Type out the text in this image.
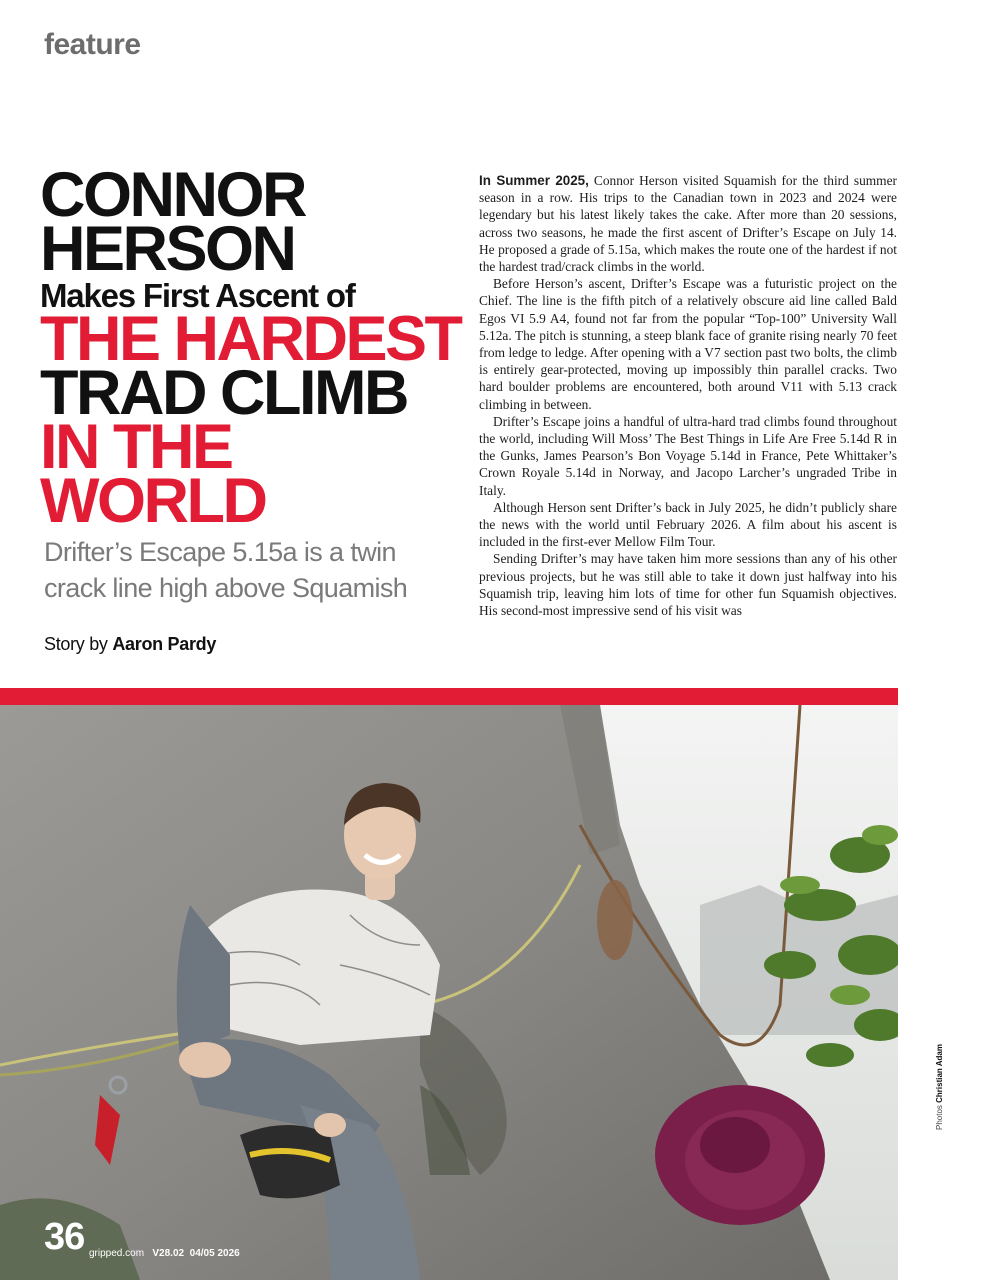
feature
CONNOR
HERSON
Makes First Ascent of
THE HARDEST
TRAD CLIMB
IN THE
WORLD
Drifter’s Escape 5.15a is a twin crack line high above Squamish
Story by Aaron Pardy

In Summer 2025, Connor Herson visited Squamish for the third summer season in a row. His trips to the Canadian town in 2023 and 2024 were legendary but his latest likely takes the cake. After more than 20 sessions, across two seasons, he made the first ascent of Drifter’s Escape on July 14. He proposed a grade of 5.15a, which makes the route one of the hardest if not the hardest trad/crack climbs in the world.

Before Herson’s ascent, Drifter’s Escape was a futuristic project on the Chief. The line is the fifth pitch of a relatively obscure aid line called Bald Egos VI 5.9 A4, found not far from the popular “Top-100” University Wall 5.12a. The pitch is stunning, a steep blank face of granite rising nearly 70 feet from ledge to ledge. After opening with a V7 section past two bolts, the climb is entirely gear-protected, moving up impossibly thin parallel cracks. Two hard boulder problems are encountered, both around V11 with 5.13 crack climbing in between.

Drifter’s Escape joins a handful of ultra-hard trad climbs found throughout the world, including Will Moss’ The Best Things in Life Are Free 5.14d R in the Gunks, James Pearson’s Bon Voyage 5.14d in France, Pete Whittaker’s Crown Royale 5.14d in Norway, and Jacopo Larcher’s ungraded Tribe in Italy.

Although Herson sent Drifter’s back in July 2025, he didn’t publicly share the news with the world until February 2026. A film about his ascent is included in the first-ever Mellow Film Tour.

Sending Drifter’s may have taken him more sessions than any of his other previous projects, but he was still able to take it down just halfway into his Squamish trip, leaving him lots of time for other fun Squamish objectives. His second-most impressive send of his visit was

Photos Christian Adam
36 gripped.com V28.02 04/05 2026
